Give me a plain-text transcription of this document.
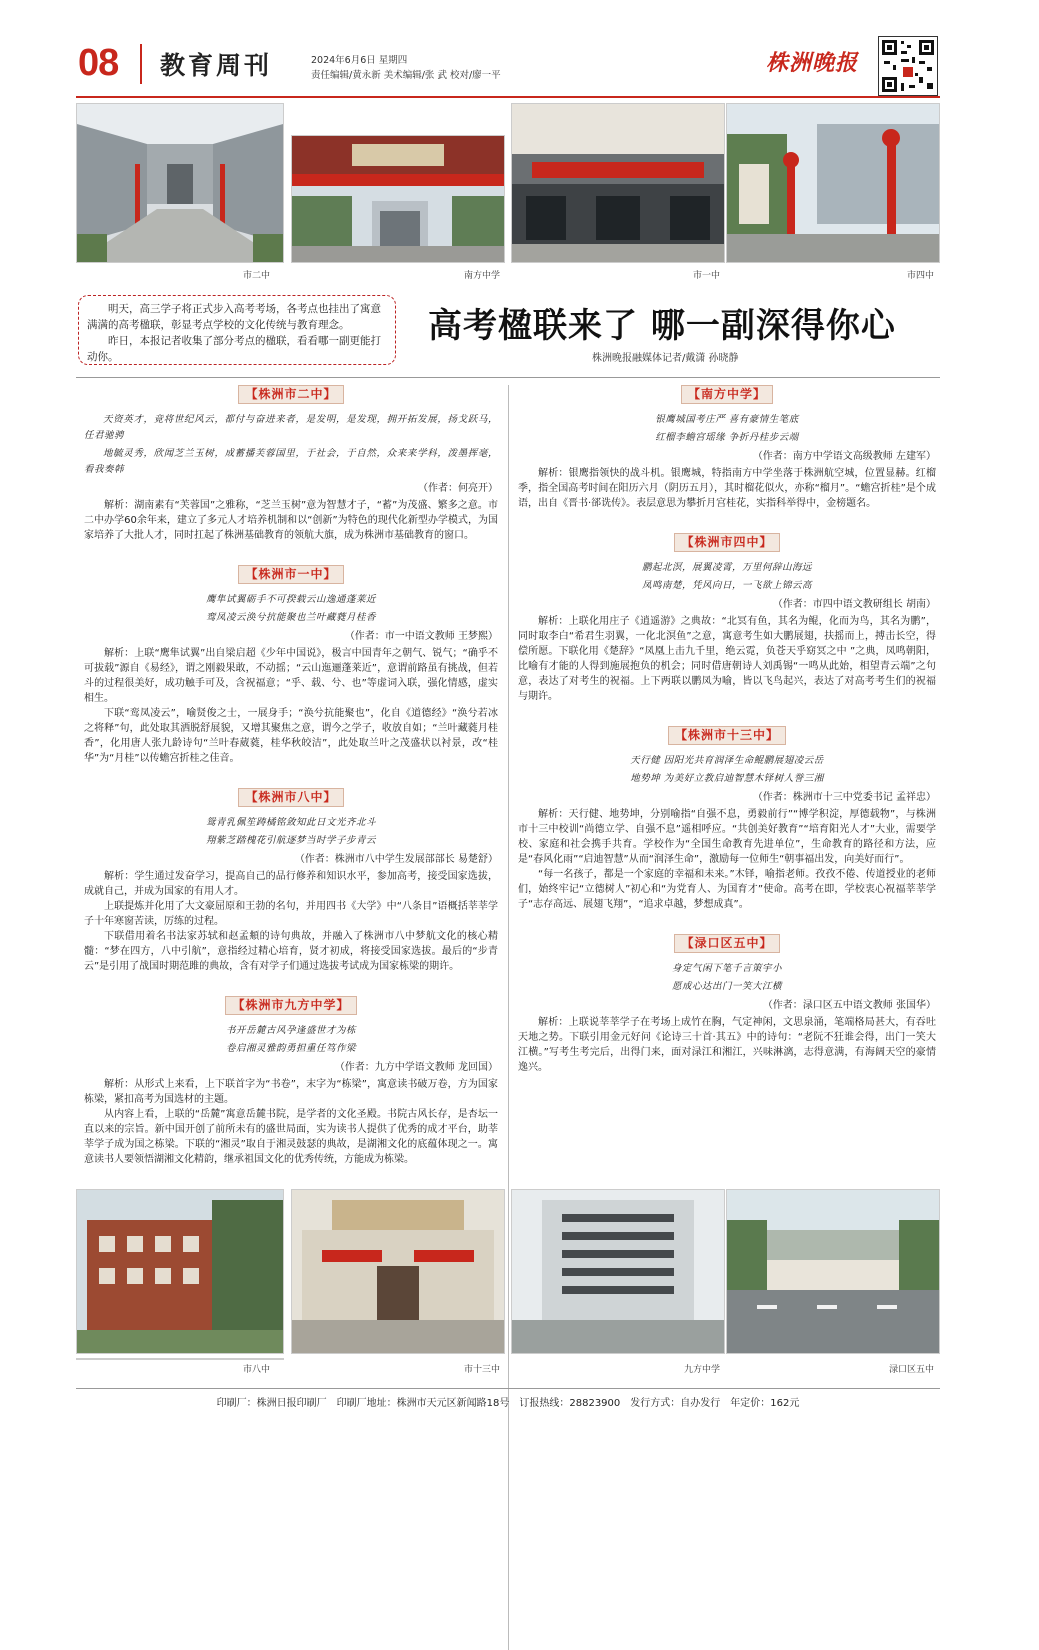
08 教育周刊	2024年6月6日 星期四
责任编辑/黄永新 美术编辑/张 武 校对/廖一平	株洲晚报
市二中	南方中学	市一中	市四中

明天，高三学子将正式步入高考考场，各考点也挂出了寓意满满的高考楹联，彰显考点学校的文化传统与教育理念。

昨日，本报记者收集了部分考点的楹联，看看哪一副更能打动你。

高考楹联来了 哪一副深得你心
株洲晚报融媒体记者/戴潇 孙晓静
【株洲市二中】
天资英才，竞将世纪风云，都付与奋进来者，是发明，是发现，拥开拓发展，扬戈跃马，任君驰骋
地毓灵秀，欣闻芝兰玉树，成蓄播芙蓉国里，于社会，于自然，众来来学科，泼墨挥毫，看我奏韩
（作者：何亮开）

解析：湖南素有“芙蓉国”之雅称，“芝兰玉树”意为智慧才子，“蓄”为茂盛、繁多之意。市二中办学60余年来，建立了多元人才培养机制和以“创新”为特色的现代化新型办学模式，为国家培养了大批人才，同时扛起了株洲基础教育的领航大旗，成为株洲市基础教育的窗口。

【株洲市一中】
鹰隼试翼砺手不可揆载云山逸通蓬莱近
鸾凤凌云涣兮抗能聚也兰叶藏蕤月桂香
（作者：市一中语文教师 王梦熙）

解析：上联“鹰隼试翼”出自梁启超《少年中国说》，极言中国青年之朝气、锐气；“确乎不可拔载”源自《易经》，谓之刚毅果敢，不动摇；“云山迤逦蓬莱近”，意谓前路虽有挑战，但若斗的过程很美好，成功触手可及，含祝福意；“乎、载、兮、也”等虚词入联，强化情感，虚实相生。

下联“鸾凤凌云”，喻贤俊之士，一展身手；“涣兮抗能聚也”，化自《道德经》“涣兮若冰之将释”句，此处取其洒脱舒展貌，又增其聚焦之意，谓今之学子，收放自如；“兰叶藏蕤月桂香”，化用唐人张九龄诗句“兰叶春葳蕤，桂华秋皎洁”，此处取兰叶之茂盛状以衬景，改“桂华”为“月桂”以传蟾宫折桂之佳音。

【株洲市八中】
鸳青乳佩笙踌橘铭敛知此日文光齐北斗
翔紫芝踏槐花引航逐梦当时学子步青云
（作者：株洲市八中学生发展部部长 易楚舒）

解析：学生通过发奋学习，提高自己的品行修养和知识水平，参加高考，接受国家选拔，成就自己，并成为国家的有用人才。

上联提炼并化用了大文豪屈原和王勃的名句，并用四书《大学》中“八条目”语概括莘莘学子十年寒窗苦读，厉练的过程。

下联借用着名书法家苏轼和赵孟頫的诗句典故，并融入了株洲市八中梦航文化的核心精髓：“梦在四方，八中引航”，意指经过精心培育，贤才初成，将接受国家选拔。最后的“步青云”是引用了战国时期范雎的典故，含有对学子们通过选拔考试成为国家栋梁的期许。

【株洲市九方中学】
书开岳麓古风孕逢盛世才为栋
卷启湘灵雅韵勇担重任笃作梁
（作者：九方中学语文教师 龙回国）

解析：从形式上来看，上下联首字为“书卷”，末字为“栋梁”，寓意读书破万卷，方为国家栋梁，紧扣高考为国选材的主题。

从内容上看，上联的“岳麓”寓意岳麓书院，是学者的文化圣殿。书院古风长存，是杏坛一直以来的宗旨。新中国开创了前所未有的盛世局面，实为读书人提供了优秀的成才平台，助莘莘学子成为国之栋梁。下联的“湘灵”取自于湘灵鼓瑟的典故，是湖湘文化的底蕴体现之一。寓意读书人要领悟湖湘文化精韵，继承祖国文化的优秀传统，方能成为栋梁。

【南方中学】
银鹰城国考庄严 喜有豪情生笔底
红榴李蟾宫瑶缘 争折丹桂步云端
（作者：南方中学语文高级教师 左建军）

解析：银鹰指领快的战斗机。银鹰城，特指南方中学坐落于株洲航空城，位置显赫。红榴季，指全国高考时间在阳历六月（阴历五月），其时榴花似火，亦称“榴月”。“蟾宫折桂”是个成语，出自《晋书·郤诜传》。表层意思为攀折月宫桂花，实指科举得中，金榜题名。

【株洲市四中】
鹏起北溟，展翼凌霄，万里何辞山海远
凤鸣南楚，凭风向日，一飞欲上锦云高
（作者：市四中语文教研组长 胡南）

解析：上联化用庄子《逍遥游》之典故：“北冥有鱼，其名为鲲，化而为鸟，其名为鹏”，同时取李白“希君生羽翼，一化北溟鱼”之意，寓意考生如大鹏展翅，扶摇而上，搏击长空，得偿所愿。下联化用《楚辞》“凤凰上击九千里，绝云霓，负苍天乎窈冥之中 ”之典，凤鸣朝阳，比喻有才能的人得到施展抱负的机会；同时借唐朝诗人刘禹锡“一鸣从此始，相望青云端”之句意，表达了对考生的祝福。上下两联以鹏凤为喻，皆以飞鸟起兴，表达了对高考考生们的祝福与期许。

【株洲市十三中】
天行健 因阳光共育润泽生命鲲鹏展翅凌云岳
地势坤 为美好立教启迪智慧木铎树人誉三湘
（作者：株洲市十三中党委书记 孟祥忠）

解析：天行健、地势坤，分别喻指“自强不息，勇毅前行”“博学积淀，厚德载物”，与株洲市十三中校训“尚德立学、自强不息”遥相呼应。“共创美好教育”“培育阳光人才”大业，需要学校、家庭和社会携手共育。学校作为“全国生命教育先进单位”，生命教育的路径和方法，应是“春风化雨”“启迪智慧”从而“润泽生命”，激励每一位师生“朝事福出发，向美好而行”。

“每一名孩子，都是一个家庭的幸福和未来。”木铎，喻指老师。孜孜不倦、传道授业的老师们，始终牢记“立德树人”初心和“为党育人、为国育才”使命。高考在即，学校衷心祝福莘莘学子“志存高远、展翅飞翔”，“追求卓越，梦想成真”。

【渌口区五中】
身定气闲下笔千言策宇小
愿成心达出门一笑大江横
（作者：渌口区五中语文教师 张国华）

解析：上联说莘莘学子在考场上成竹在胸，气定神闲，文思泉涌，笔端格局甚大，有吞吐天地之势。下联引用金元好问《论诗三十首·其五》中的诗句：“老阮不狂谁会得，出门一笑大江横。”写考生考完后，出得门来，面对渌江和湘江，兴味淋漓，志得意满，有海阔天空的豪情逸兴。

市八中	市十三中	九方中学	渌口区五中
印刷厂：株洲日报印刷厂　印刷厂地址：株洲市天元区新闻路18号　订报热线：28823900　发行方式：自办发行　年定价：162元
